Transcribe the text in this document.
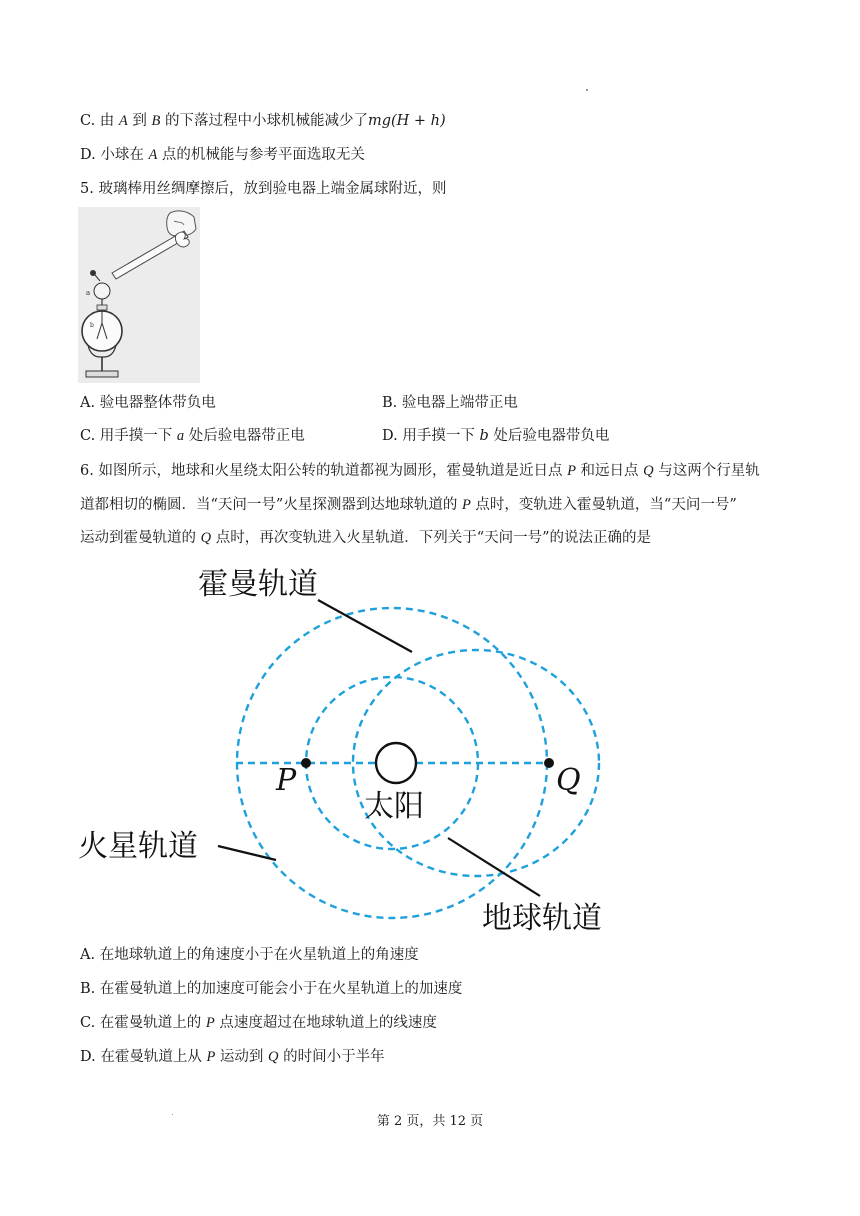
C. 由 A 到 B 的下落过程中小球机械能减少了mg(H + h)
D. 小球在 A 点的机械能与参考平面选取无关
5. 玻璃棒用丝绸摩擦后，放到验电器上端金属球附近，则
a
b
A. 验电器整体带负电	B. 验电器上端带正电
C. 用手摸一下 a 处后验电器带正电	D. 用手摸一下 b 处后验电器带负电
6. 如图所示，地球和火星绕太阳公转的轨道都视为圆形，霍曼轨道是近日点 P 和远日点 Q 与这两个行星轨
道都相切的椭圆．当“天问一号”火星探测器到达地球轨道的 P 点时，变轨进入霍曼轨道，当“天问一号”
运动到霍曼轨道的 Q 点时，再次变轨进入火星轨道．下列关于“天问一号”的说法正确的是
霍曼轨道
火星轨道
地球轨道
太阳
P	Q
A. 在地球轨道上的角速度小于在火星轨道上的角速度
B. 在霍曼轨道上的加速度可能会小于在火星轨道上的加速度
C. 在霍曼轨道上的 P 点速度超过在地球轨道上的线速度
D. 在霍曼轨道上从 P 运动到 Q 的时间小于半年
第 2 页，共 12 页
